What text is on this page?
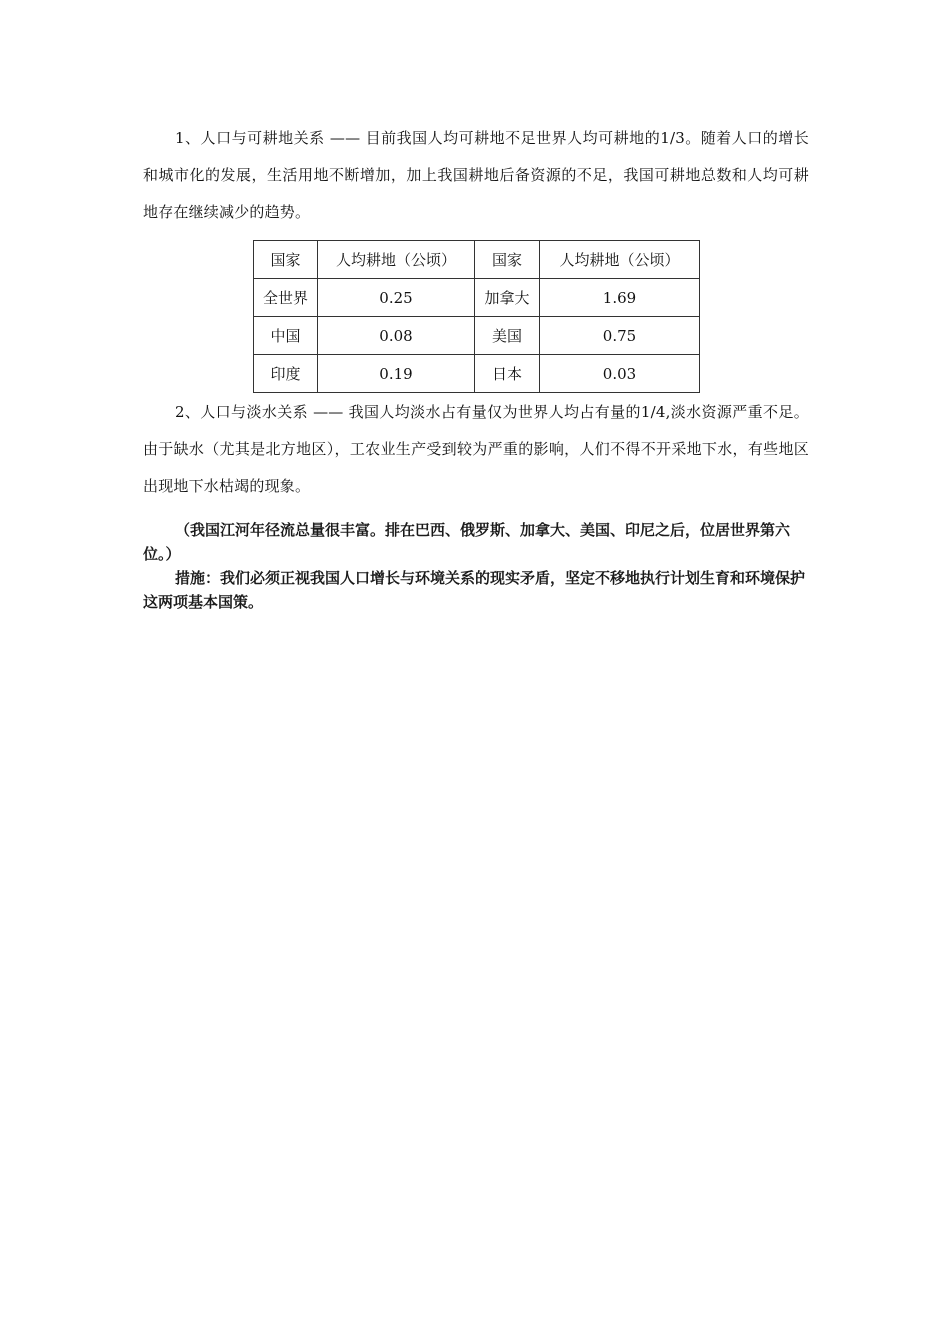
1、人口与可耕地关系 —— 目前我国人均可耕地不足世界人均可耕地的1/3。随着人口的增长和城市化的发展，生活用地不断增加，加上我国耕地后备资源的不足，我国可耕地总数和人均可耕地存在继续减少的趋势。

国家	人均耕地（公顷）	国家	人均耕地（公顷）
全世界	0.25	加拿大	1.69
中国	0.08	美国	0.75
印度	0.19	日本	0.03

2、人口与淡水关系 —— 我国人均淡水占有量仅为世界人均占有量的1/4,淡水资源严重不足。由于缺水（尤其是北方地区），工农业生产受到较为严重的影响，人们不得不开采地下水，有些地区出现地下水枯竭的现象。

（我国江河年径流总量很丰富。排在巴西、俄罗斯、加拿大、美国、印尼之后，位居世界第六位。）

措施：我们必须正视我国人口增长与环境关系的现实矛盾，坚定不移地执行计划生育和环境保护这两项基本国策。
